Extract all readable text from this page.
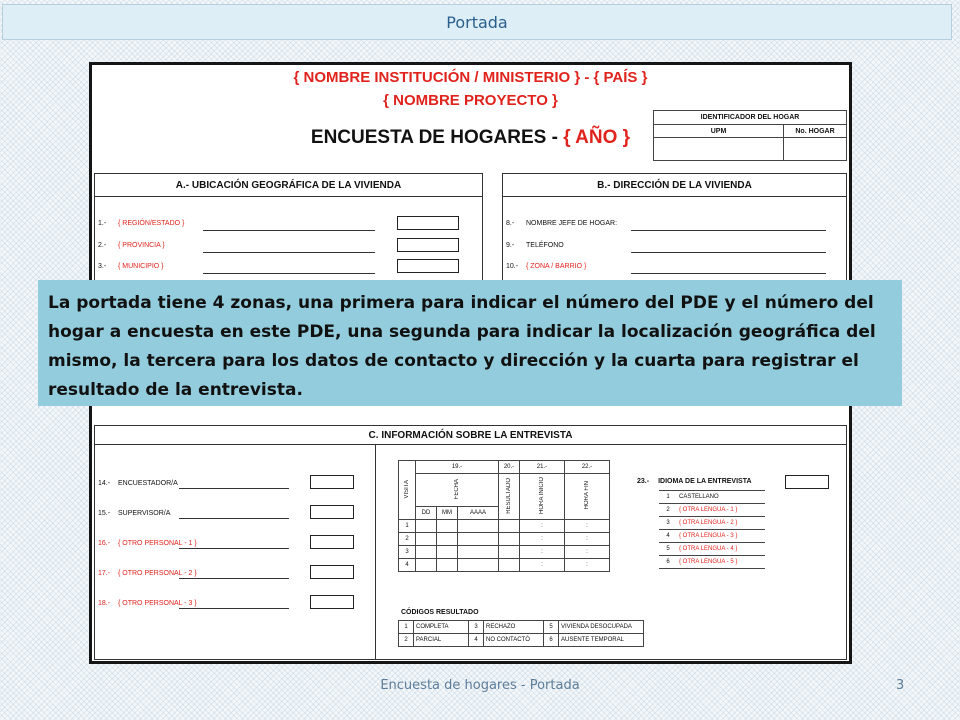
Portada
{ NOMBRE INSTITUCIÓN / MINISTERIO } - { PAÍS }
{ NOMBRE PROYECTO }
ENCUESTA DE HOGARES - { AÑO }
IDENTIFICADOR DEL HOGAR	
UPM	No. HOGAR

A.- UBICACIÓN GEOGRÁFICA DE LA VIVIENDA
1.-	{ REGIÓN/ESTADO }
2.-	{ PROVINCIA }
3.-	{ MUNICIPIO }
B.- DIRECCIÓN DE LA VIVIENDA
8.-	NOMBRE JEFE DE HOGAR:
9.-	TELÉFONO
10.-	{ ZONA / BARRIO }
C. INFORMACIÓN SOBRE LA ENTREVISTA
14.-	ENCUESTADOR/A
15.-	SUPERVISOR/A
16.-	{ OTRO PERSONAL - 1 }
17.-	{ OTRO PERSONAL - 2 }
18.-	{ OTRO PERSONAL - 3 }
VISITA	19.-			20.-	21.-	22.-
	FECHA			RESULTADO	HORA INICIO	HORA FIN
	DD	MM	AAAA			
1					:	:
2					:	:
3					:	:
4					:	:
CÓDIGOS RESULTADO
1	COMPLETA	3	RECHAZO	5	VIVIENDA DESOCUPADA
2	PARCIAL	4	NO CONTACTÓ	6	AUSENTE TEMPORAL
23.- IDIOMA DE LA ENTREVISTA
1	CASTELLANO
2	{ OTRA LENGUA - 1 }
3	{ OTRA LENGUA - 2 }
4	{ OTRA LENGUA - 3 }
5	{ OTRA LENGUA - 4 }
6	{ OTRA LENGUA - 5 }
La portada tiene 4 zonas, una primera para indicar el número del PDE y el número del hogar a encuesta en este PDE, una segunda para indicar la localización geográfica del mismo, la tercera para los datos de contacto y dirección y la cuarta para registrar el resultado de la entrevista.
Encuesta de hogares - Portada	3
